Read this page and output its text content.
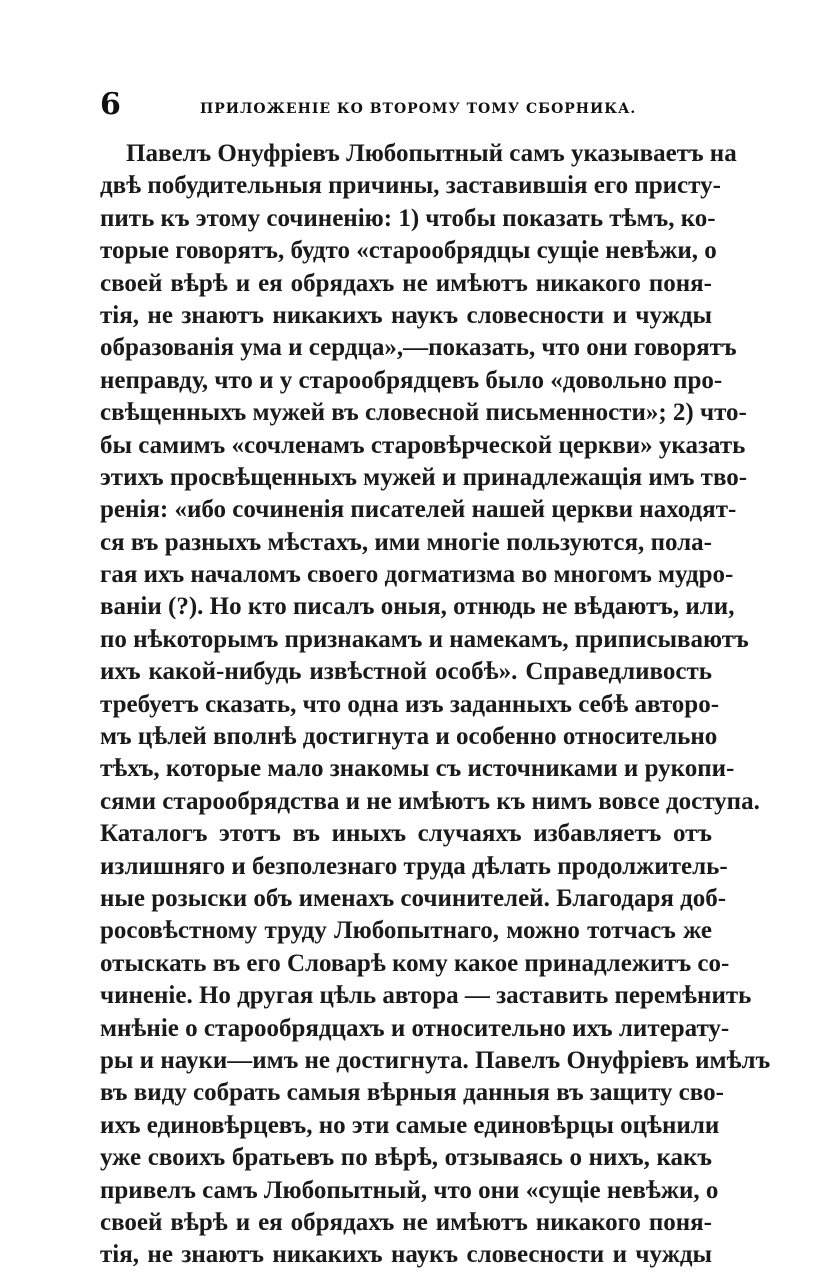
6	ПРИЛОЖЕНІЕ КО ВТОРОМУ ТОМУ СБОРНИКА.
Павелъ Онуфріевъ Любопытный самъ указываетъ на
двѣ побудительныя причины, заставившія его присту-
пить къ этому сочиненію: 1) чтобы показать тѣмъ, ко-
торые говорятъ, будто «старообрядцы сущіе невѣжи, о
своей вѣрѣ и ея обрядахъ не имѣютъ никакого поня-
тія, не знаютъ никакихъ наукъ словесности и чужды
образованія ума и сердца»,—показать, что они говорятъ
неправду, что и у старообрядцевъ было «довольно про-
свѣщенныхъ мужей въ словесной письменности»; 2) что-
бы самимъ «сочленамъ старовѣрческой церкви» указать
этихъ просвѣщенныхъ мужей и принадлежащія имъ тво-
ренія: «ибо сочиненія писателей нашей церкви находят-
ся въ разныхъ мѣстахъ, ими многіе пользуются, пола-
гая ихъ началомъ своего догматизма во многомъ мудро-
ваніи (?). Но кто писалъ оныя, отнюдь не вѣдаютъ, или,
по нѣкоторымъ признакамъ и намекамъ, приписываютъ
ихъ какой-нибудь извѣстной особѣ». Справедливость
требуетъ сказать, что одна изъ заданныхъ себѣ авторо-
мъ цѣлей вполнѣ достигнута и особенно относительно
тѣхъ, которые мало знакомы съ источниками и рукопи-
сями старообрядства и не имѣютъ къ нимъ вовсе доступа.
Каталогъ этотъ въ иныхъ случаяхъ избавляетъ отъ
излишняго и безполезнаго труда дѣлать продолжитель-
ные розыски объ именахъ сочинителей. Благодаря доб-
росовѣстному труду Любопытнаго, можно тотчасъ же
отыскать въ его Словарѣ кому какое принадлежитъ со-
чиненіе. Но другая цѣль автора — заставить перемѣнить
мнѣніе о старообрядцахъ и относительно ихъ литерату-
ры и науки—имъ не достигнута. Павелъ Онуфріевъ имѣлъ
въ виду собрать самыя вѣрныя данныя въ защиту сво-
ихъ единовѣрцевъ, но эти самые единовѣрцы оцѣнили
уже своихъ братьевъ по вѣрѣ, отзываясь о нихъ, какъ
привелъ самъ Любопытный, что они «сущіе невѣжи, о
своей вѣрѣ и ея обрядахъ не имѣютъ никакого поня-
тія, не знаютъ никакихъ наукъ словесности и чужды
